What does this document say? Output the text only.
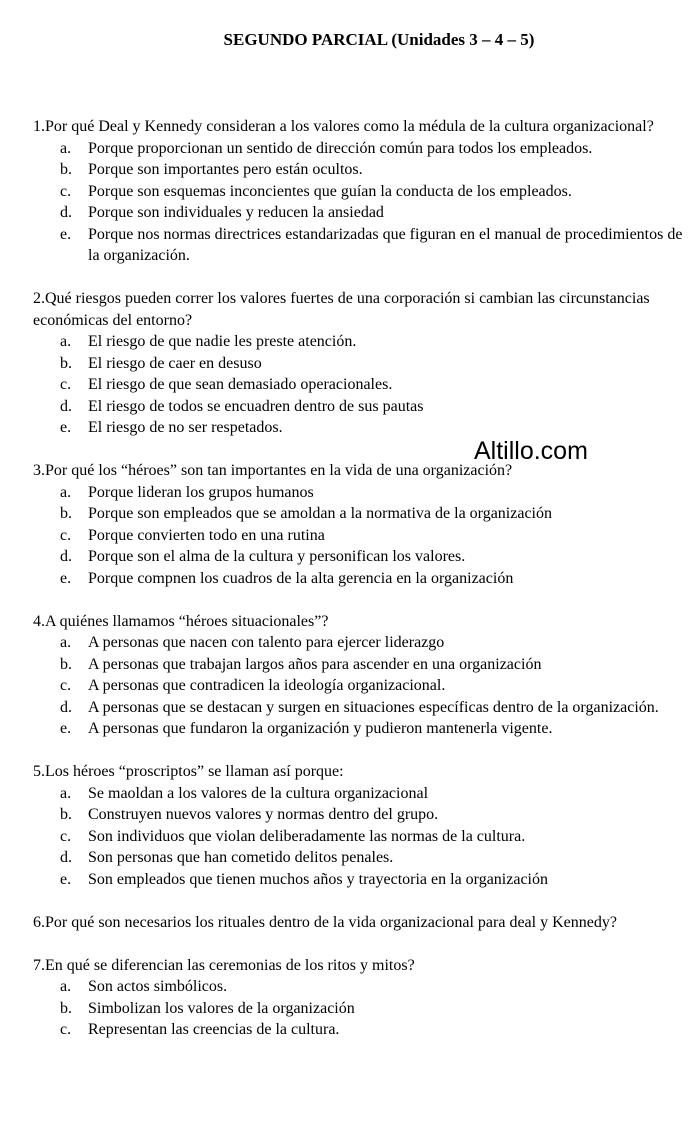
SEGUNDO PARCIAL (Unidades 3 – 4 – 5)

1.Por qué Deal y Kennedy consideran a los valores como la médula de la cultura organizacional?

a. Porque proporcionan un sentido de dirección común para todos los empleados.
b. Porque son importantes pero están ocultos.
c. Porque son esquemas inconcientes que guían la conducta de los empleados.
d. Porque son individuales y reducen la ansiedad
e. Porque nos normas directrices estandarizadas que figuran en el manual de procedimientos de la organización.

2.Qué riesgos pueden correr los valores fuertes de una corporación si cambian las circunstancias económicas del entorno?

a. El riesgo de que nadie les preste atención.
b. El riesgo de caer en desuso
c. El riesgo de que sean demasiado operacionales.
d. El riesgo de todos se encuadren dentro de sus pautas
e. El riesgo de no ser respetados.

3.Por qué los “héroes” son tan importantes en la vida de una organización?

a. Porque lideran los grupos humanos
b. Porque son empleados que se amoldan a la normativa de la organización
c. Porque convierten todo en una rutina
d. Porque son el alma de la cultura y personifican los valores.
e. Porque compnen los cuadros de la alta gerencia en la organización

4.A quiénes llamamos “héroes situacionales”?

a. A personas que nacen con talento para ejercer liderazgo
b. A personas que trabajan largos años para ascender en una organización
c. A personas que contradicen la ideología organizacional.
d. A personas que se destacan y surgen en situaciones específicas dentro de la organización.
e. A personas que fundaron la organización y pudieron mantenerla vigente.

5.Los héroes “proscriptos” se llaman así porque:

a. Se maoldan a los valores de la cultura organizacional
b. Construyen nuevos valores y normas dentro del grupo.
c. Son individuos que violan deliberadamente las normas de la cultura.
d. Son personas que han cometido delitos penales.
e. Son empleados que tienen muchos años y trayectoria en la organización

6.Por qué son necesarios los rituales dentro de la vida organizacional para deal y Kennedy?

7.En qué se diferencian las ceremonias de los ritos y mitos?

a. Son actos simbólicos.
b. Simbolizan los valores de la organización
c. Representan las creencias de la cultura.
Altillo.com
